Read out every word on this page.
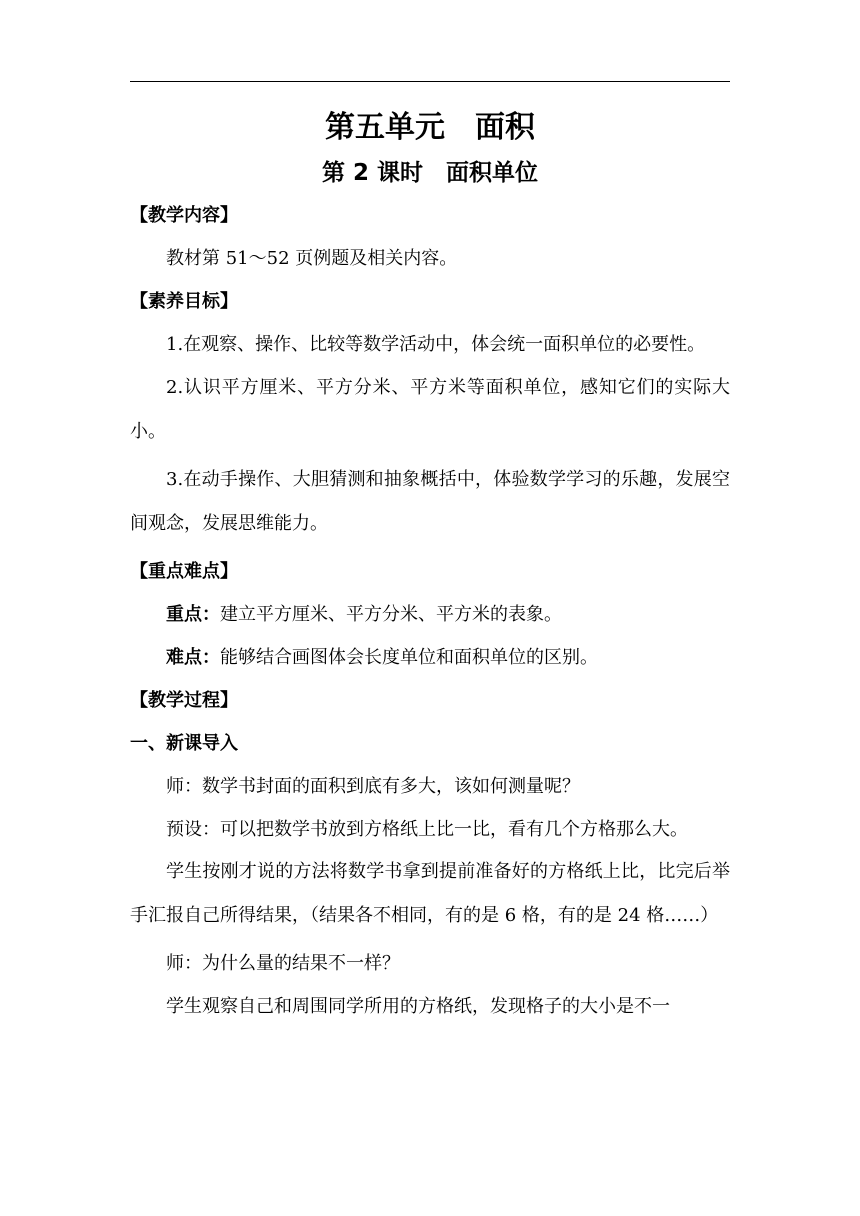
第五单元　面积
第 2 课时　面积单位
【教学内容】

教材第 51～52 页例题及相关内容。

【素养目标】

1.在观察、操作、比较等数学活动中，体会统一面积单位的必要性。

2.认识平方厘米、平方分米、平方米等面积单位，感知它们的实际大小。

3.在动手操作、大胆猜测和抽象概括中，体验数学学习的乐趣，发展空间观念，发展思维能力。

【重点难点】

重点：建立平方厘米、平方分米、平方米的表象。

难点：能够结合画图体会长度单位和面积单位的区别。

【教学过程】
一、新课导入

师：数学书封面的面积到底有多大，该如何测量呢？

预设：可以把数学书放到方格纸上比一比，看有几个方格那么大。

学生按刚才说的方法将数学书拿到提前准备好的方格纸上比，比完后举手汇报自己所得结果，（结果各不相同，有的是 6 格，有的是 24 格……）

师：为什么量的结果不一样？

学生观察自己和周围同学所用的方格纸，发现格子的大小是不一
